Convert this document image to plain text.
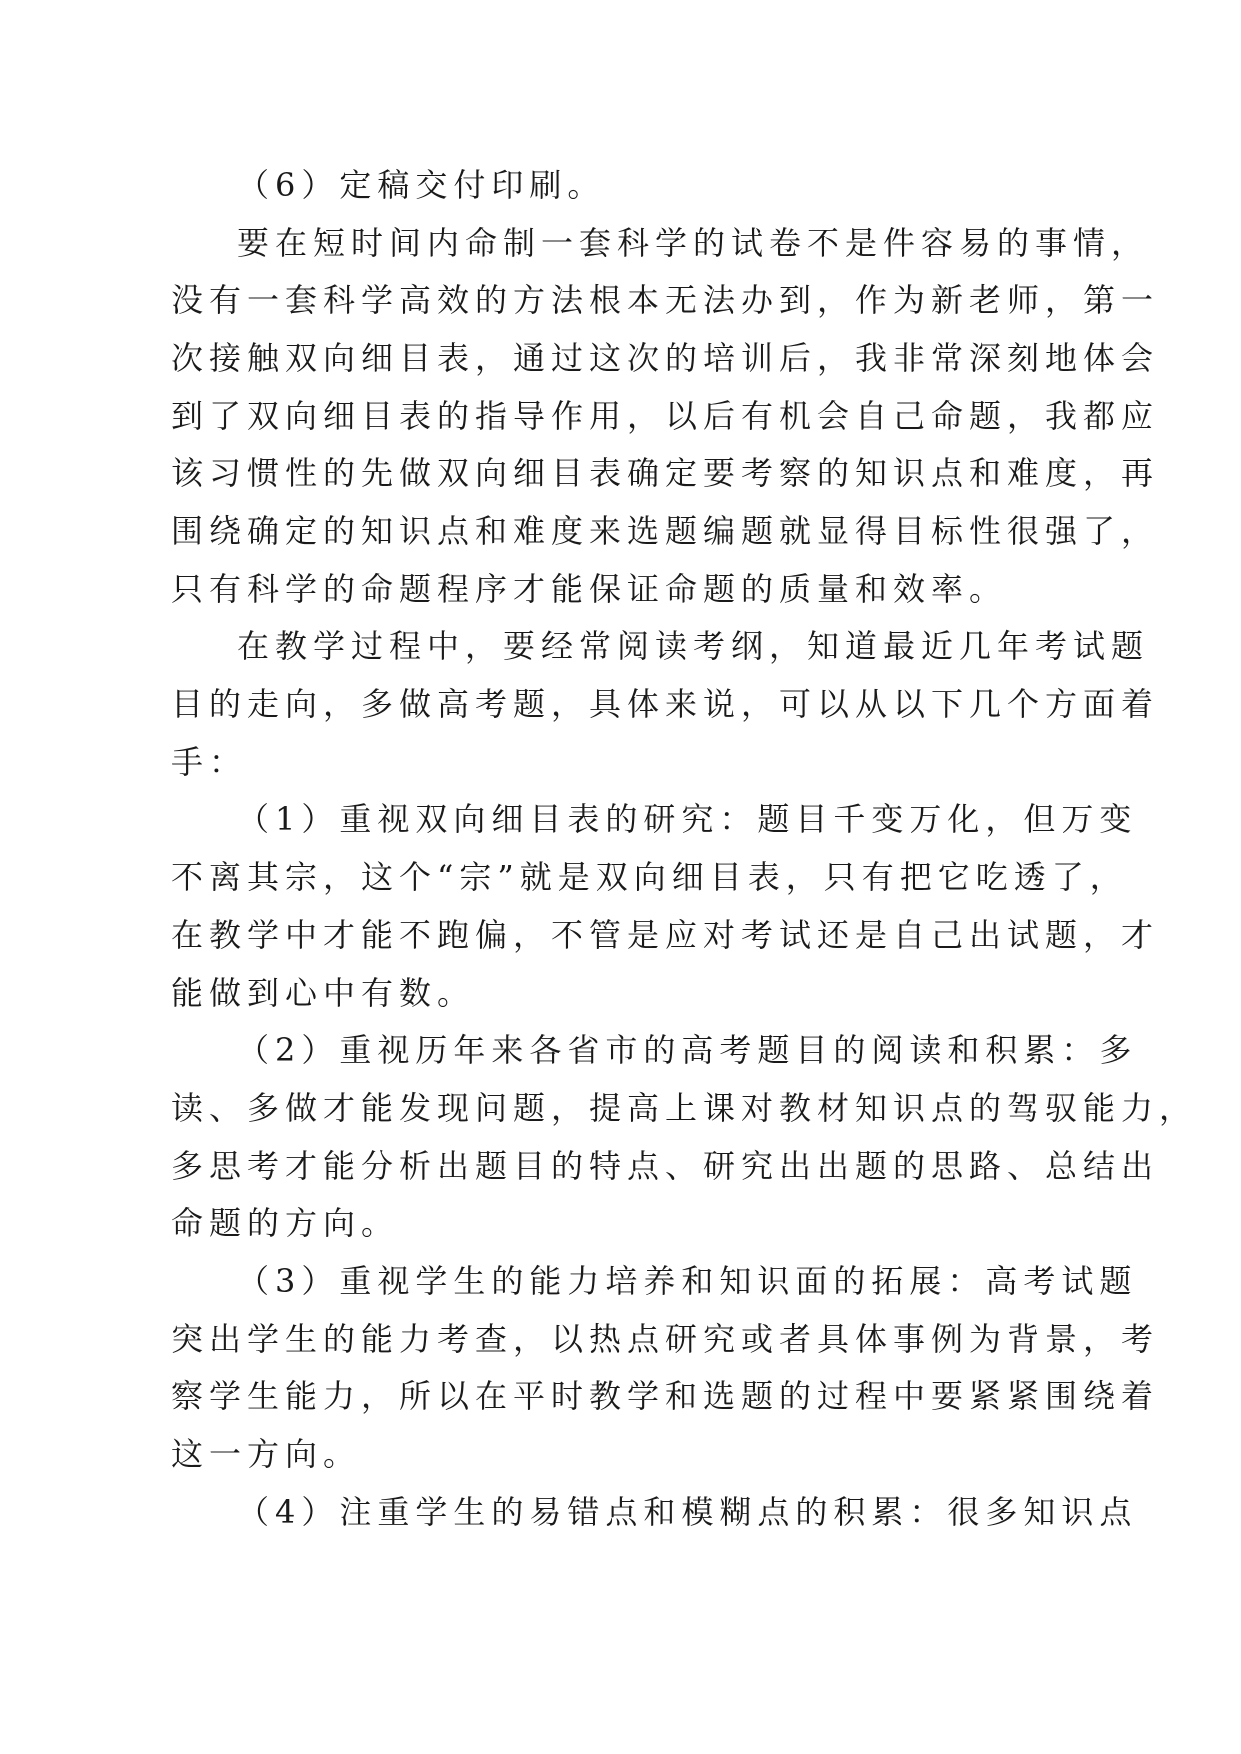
（6）定稿交付印刷。
要在短时间内命制一套科学的试卷不是件容易的事情，
没有一套科学高效的方法根本无法办到，作为新老师，第一
次接触双向细目表，通过这次的培训后，我非常深刻地体会
到了双向细目表的指导作用，以后有机会自己命题，我都应
该习惯性的先做双向细目表确定要考察的知识点和难度，再
围绕确定的知识点和难度来选题编题就显得目标性很强了，
只有科学的命题程序才能保证命题的质量和效率。
在教学过程中，要经常阅读考纲，知道最近几年考试题
目的走向，多做高考题，具体来说，可以从以下几个方面着
手：
（1）重视双向细目表的研究：题目千变万化，但万变
不离其宗，这个“宗”就是双向细目表，只有把它吃透了，
在教学中才能不跑偏，不管是应对考试还是自己出试题，才
能做到心中有数。
（2）重视历年来各省市的高考题目的阅读和积累：多
读、多做才能发现问题，提高上课对教材知识点的驾驭能力，
多思考才能分析出题目的特点、研究出出题的思路、总结出
命题的方向。
（3）重视学生的能力培养和知识面的拓展：高考试题
突出学生的能力考查，以热点研究或者具体事例为背景，考
察学生能力，所以在平时教学和选题的过程中要紧紧围绕着
这一方向。
（4）注重学生的易错点和模糊点的积累：很多知识点
